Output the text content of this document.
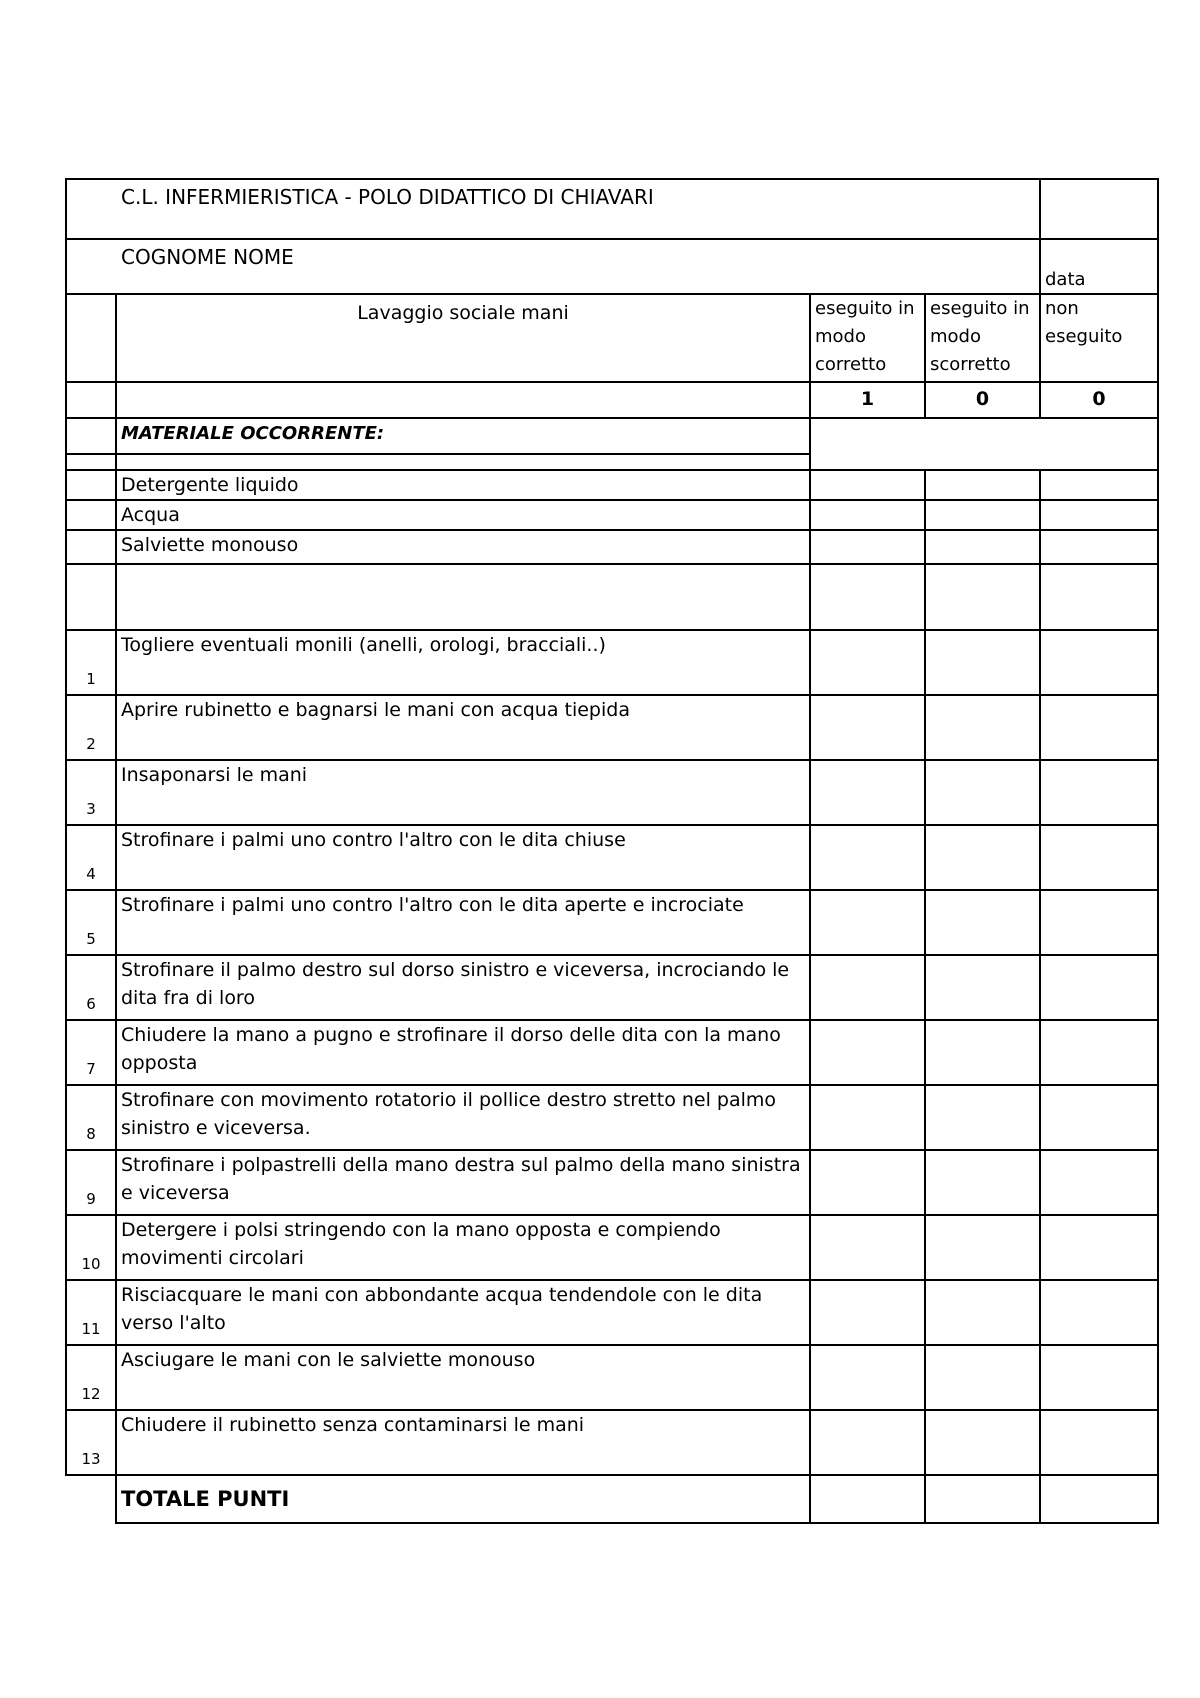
C.L. INFERMIERISTICA - POLO DIDATTICO DI CHIAVARI				
COGNOME NOME				data
	Lavaggio sociale mani	eseguito in modo corretto	eseguito in modo scorretto	non eseguito
		1	0	0
	MATERIALE OCCORRENTE:			

	Detergente liquido			
	Acqua			
	Salviette monouso			

1	Togliere eventuali monili (anelli, orologi, bracciali..)			
2	Aprire rubinetto e bagnarsi le mani con acqua tiepida			
3	Insaponarsi le mani			
4	Strofinare i palmi uno contro l'altro con le dita chiuse			
5	Strofinare i palmi uno contro l'altro con le dita aperte e incrociate			
6	Strofinare il palmo destro sul dorso sinistro e viceversa, incrociando le dita fra di loro			
7	Chiudere la mano a pugno e strofinare il dorso delle dita con la mano opposta			
8	Strofinare con movimento rotatorio il pollice destro stretto nel palmo sinistro e viceversa.			
9	Strofinare i polpastrelli della mano destra sul palmo della mano sinistra e viceversa			
10	Detergere i polsi stringendo con la mano opposta e compiendo movimenti circolari			
11	Risciacquare le mani con abbondante acqua tendendole con le dita verso l'alto			
12	Asciugare le mani con le salviette monouso			
13	Chiudere il rubinetto senza contaminarsi le mani			
	TOTALE PUNTI			
